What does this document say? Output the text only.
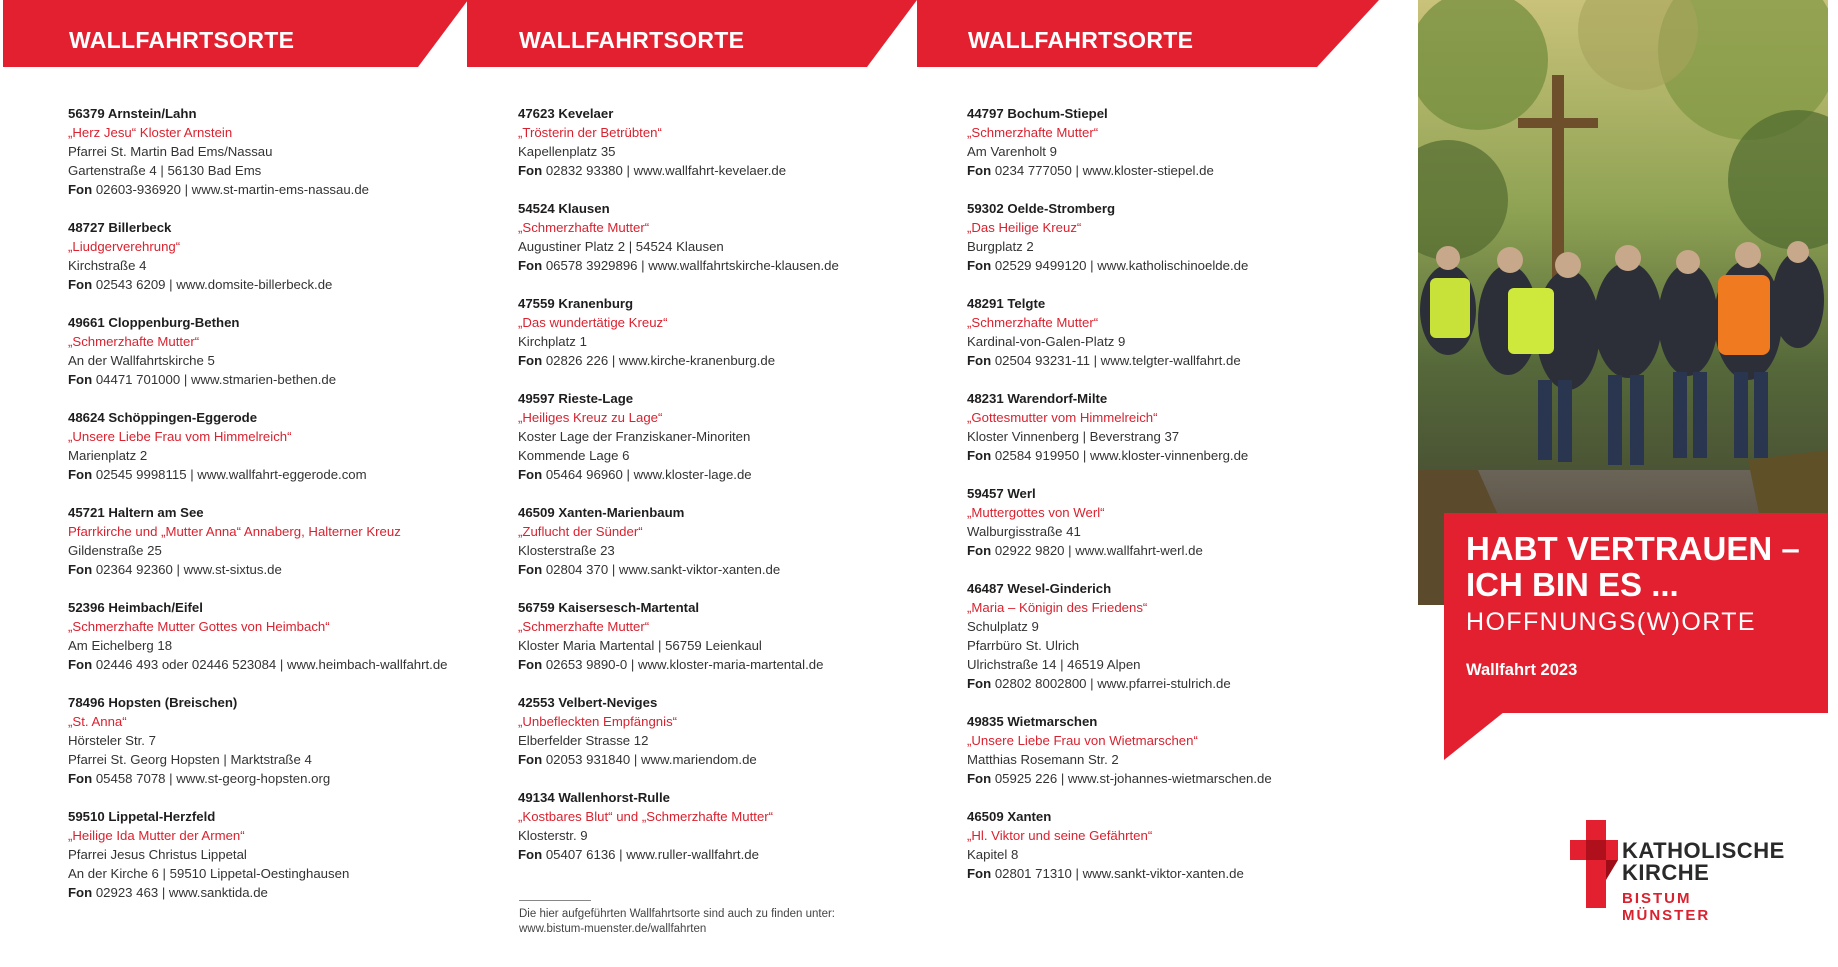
WALLFAHRTSORTE	WALLFAHRTSORTE	WALLFAHRTSORTE
56379 Arnstein/Lahn
„Herz Jesu“ Kloster Arnstein
Pfarrei St. Martin Bad Ems/Nassau
Gartenstraße 4 | 56130 Bad Ems
Fon 02603-936920 | www.st-martin-ems-nassau.de
48727 Billerbeck
„Liudgerverehrung“
Kirchstraße 4
Fon 02543 6209 | www.domsite-billerbeck.de
49661 Cloppenburg-Bethen
„Schmerzhafte Mutter“
An der Wallfahrtskirche 5
Fon 04471 701000 | www.stmarien-bethen.de
48624 Schöppingen-Eggerode
„Unsere Liebe Frau vom Himmelreich“
Marienplatz 2
Fon 02545 9998115 | www.wallfahrt-eggerode.com
45721 Haltern am See
Pfarrkirche und „Mutter Anna“ Annaberg, Halterner Kreuz
Gildenstraße 25
Fon 02364 92360 | www.st-sixtus.de
52396 Heimbach/Eifel
„Schmerzhafte Mutter Gottes von Heimbach“
Am Eichelberg 18
Fon 02446 493 oder 02446 523084 | www.heimbach-wallfahrt.de
78496 Hopsten (Breischen)
„St. Anna“
Hörsteler Str. 7
Pfarrei St. Georg Hopsten | Marktstraße 4
Fon 05458 7078 | www.st-georg-hopsten.org
59510 Lippetal-Herzfeld
„Heilige Ida Mutter der Armen“
Pfarrei Jesus Christus Lippetal
An der Kirche 6 | 59510 Lippetal-Oestinghausen
Fon 02923 463 | www.sanktida.de
47623 Kevelaer
„Trösterin der Betrübten“
Kapellenplatz 35
Fon 02832 93380 | www.wallfahrt-kevelaer.de
54524 Klausen
„Schmerzhafte Mutter“
Augustiner Platz 2 | 54524 Klausen
Fon 06578 3929896 | www.wallfahrtskirche-klausen.de
47559 Kranenburg
„Das wundertätige Kreuz“
Kirchplatz 1
Fon 02826 226 | www.kirche-kranenburg.de
49597 Rieste-Lage
„Heiliges Kreuz zu Lage“
Koster Lage der Franziskaner-Minoriten
Kommende Lage 6
Fon 05464 96960 | www.kloster-lage.de
46509 Xanten-Marienbaum
„Zuflucht der Sünder“
Klosterstraße 23
Fon 02804 370 | www.sankt-viktor-xanten.de
56759 Kaisersesch-Martental
„Schmerzhafte Mutter“
Kloster Maria Martental | 56759 Leienkaul
Fon 02653 9890-0 | www.kloster-maria-martental.de
42553 Velbert-Neviges
„Unbefleckten Empfängnis“
Elberfelder Strasse 12
Fon 02053 931840 | www.mariendom.de
49134 Wallenhorst-Rulle
„Kostbares Blut“ und „Schmerzhafte Mutter“
Klosterstr. 9
Fon 05407 6136 | www.ruller-wallfahrt.de
44797 Bochum-Stiepel
„Schmerzhafte Mutter“
Am Varenholt 9
Fon 0234 777050 | www.kloster-stiepel.de
59302 Oelde-Stromberg
„Das Heilige Kreuz“
Burgplatz 2
Fon 02529 9499120 | www.katholischinoelde.de
48291 Telgte
„Schmerzhafte Mutter“
Kardinal-von-Galen-Platz 9
Fon 02504 93231-11 | www.telgter-wallfahrt.de
48231 Warendorf-Milte
„Gottesmutter vom Himmelreich“
Kloster Vinnenberg | Beverstrang 37
Fon 02584 919950 | www.kloster-vinnenberg.de
59457 Werl
„Muttergottes von Werl“
Walburgisstraße 41
Fon 02922 9820 | www.wallfahrt-werl.de
46487 Wesel-Ginderich
„Maria – Königin des Friedens“
Schulplatz 9
Pfarrbüro St. Ulrich
Ulrichstraße 14 | 46519 Alpen
Fon 02802 8002800 | www.pfarrei-stulrich.de
49835 Wietmarschen
„Unsere Liebe Frau von Wietmarschen“
Matthias Rosemann Str. 2
Fon 05925 226 | www.st-johannes-wietmarschen.de
46509 Xanten
„Hl. Viktor und seine Gefährten“
Kapitel 8
Fon 02801 71310 | www.sankt-viktor-xanten.de
Die hier aufgeführten Wallfahrtsorte sind auch zu finden unter:
www.bistum-muenster.de/wallfahrten
HABT VERTRAUEN –
ICH BIN ES ...
HOFFNUNGS(W)ORTE
Wallfahrt 2023
KATHOLISCHE
KIRCHE
BISTUM MÜNSTER
